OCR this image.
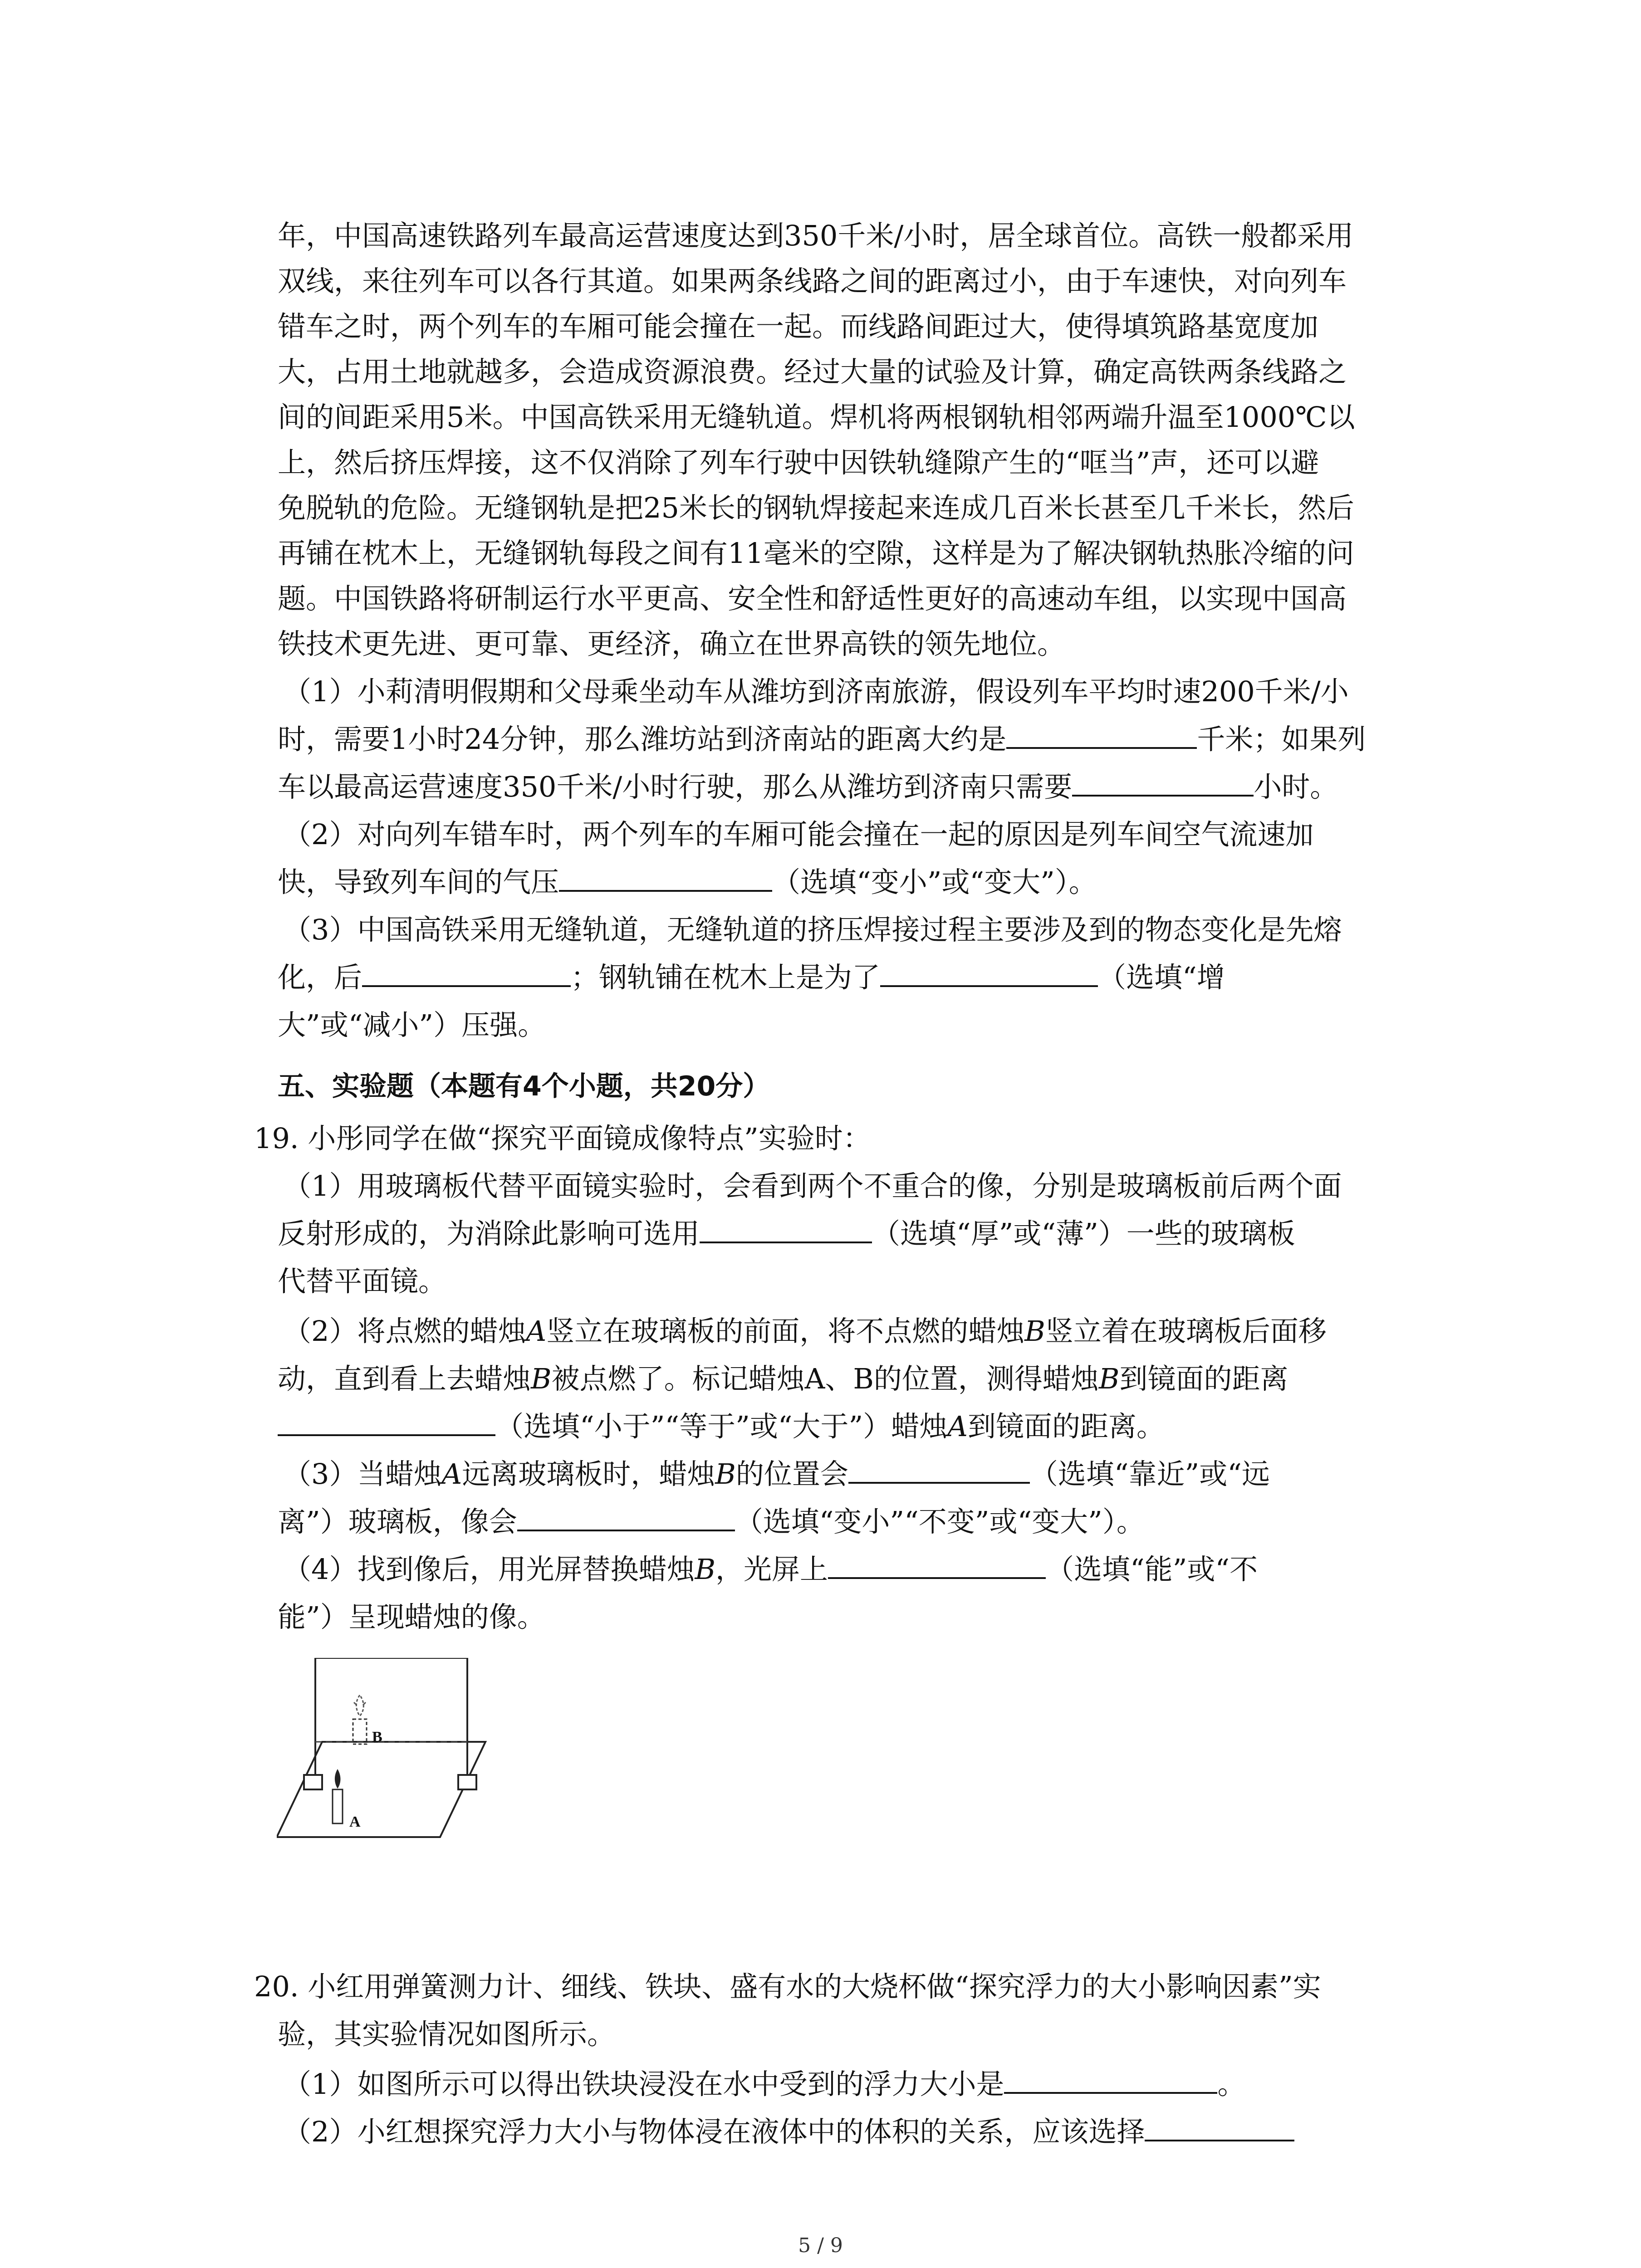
年，中国高速铁路列车最高运营速度达到350千米/小时，居全球首位。高铁一般都采用
双线，来往列车可以各行其道。如果两条线路之间的距离过小，由于车速快，对向列车
错车之时，两个列车的车厢可能会撞在一起。而线路间距过大，使得填筑路基宽度加
大，占用土地就越多，会造成资源浪费。经过大量的试验及计算，确定高铁两条线路之
间的间距采用5米。中国高铁采用无缝轨道。焊机将两根钢轨相邻两端升温至1000℃以
上，然后挤压焊接，这不仅消除了列车行驶中因铁轨缝隙产生的“哐当”声，还可以避
免脱轨的危险。无缝钢轨是把25米长的钢轨焊接起来连成几百米长甚至几千米长，然后
再铺在枕木上，无缝钢轨每段之间有11毫米的空隙，这样是为了解决钢轨热胀冷缩的问
题。中国铁路将研制运行水平更高、安全性和舒适性更好的高速动车组，以实现中国高
铁技术更先进、更可靠、更经济，确立在世界高铁的领先地位。
（1）小莉清明假期和父母乘坐动车从潍坊到济南旅游，假设列车平均时速200千米/小
时，需要1小时24分钟，那么潍坊站到济南站的距离大约是	千米；如果列
车以最高运营速度350千米/小时行驶，那么从潍坊到济南只需要	小时。
（2）对向列车错车时，两个列车的车厢可能会撞在一起的原因是列车间空气流速加
快，导致列车间的气压	（选填“变小”或“变大”）。
（3）中国高铁采用无缝轨道，无缝轨道的挤压焊接过程主要涉及到的物态变化是先熔
化，后	；钢轨铺在枕木上是为了	（选填“增
大”或“减小”）压强。
五、实验题（本题有4个小题，共20分）
19. 小彤同学在做“探究平面镜成像特点”实验时：
（1）用玻璃板代替平面镜实验时，会看到两个不重合的像，分别是玻璃板前后两个面
反射形成的，为消除此影响可选用	（选填“厚”或“薄”）一些的玻璃板
代替平面镜。
（2）将点燃的蜡烛A竖立在玻璃板的前面，将不点燃的蜡烛B竖立着在玻璃板后面移
动，直到看上去蜡烛B被点燃了。标记蜡烛A、B的位置，测得蜡烛B到镜面的距离
（选填“小于”“等于”或“大于”）蜡烛A到镜面的距离。
（3）当蜡烛A远离玻璃板时，蜡烛B的位置会	（选填“靠近”或“远
离”）玻璃板，像会	（选填“变小”“不变”或“变大”）。
（4）找到像后，用光屏替换蜡烛B，光屏上	（选填“能”或“不
能”）呈现蜡烛的像。
B
A
20. 小红用弹簧测力计、细线、铁块、盛有水的大烧杯做“探究浮力的大小影响因素”实
验，其实验情况如图所示。
（1）如图所示可以得出铁块浸没在水中受到的浮力大小是	。
（2）小红想探究浮力大小与物体浸在液体中的体积的关系，应该选择
5 / 9
